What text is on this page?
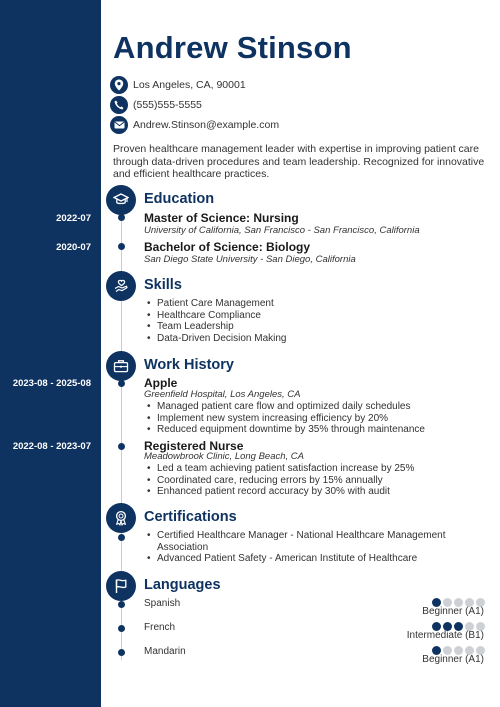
Andrew Stinson
Los Angeles, CA, 90001
(555)555-5555
Andrew.Stinson@example.com
Proven healthcare management leader with expertise in improving patient care through data-driven procedures and team leadership. Recognized for innovative and efficient healthcare practices.
Education
2022-07	Master of Science: Nursing
University of California, San Francisco - San Francisco, California
2020-07	Bachelor of Science: Biology
San Diego State University - San Diego, California
Skills
• Patient Care Management
• Healthcare Compliance
• Team Leadership
• Data-Driven Decision Making
Work History
2023-08 - 2025-08	Apple
Greenfield Hospital, Los Angeles, CA
• Managed patient care flow and optimized daily schedules
• Implement new system increasing efficiency by 20%
• Reduced equipment downtime by 35% through maintenance
2022-08 - 2023-07	Registered Nurse
Meadowbrook Clinic, Long Beach, CA
• Led a team achieving patient satisfaction increase by 25%
• Coordinated care, reducing errors by 15% annually
• Enhanced patient record accuracy by 30% with audit
Certifications
• Certified Healthcare Manager - National Healthcare Management Association
• Advanced Patient Safety - American Institute of Healthcare
Languages
Spanish
Beginner (A1)
French
Intermediate (B1)
Mandarin
Beginner (A1)
